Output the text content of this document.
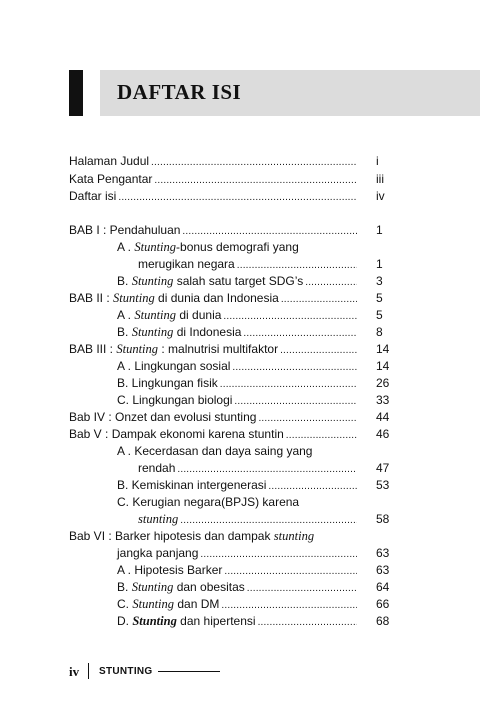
DAFTAR ISI
Halaman Judul .....	i
Kata Pengantar .....	iii
Daftar isi .....	iv
BAB I : Pendahuluan .....	1
A . Stunting-bonus demografi yang
merugikan negara .....	1
B. Stunting salah satu target SDG’s .....	3
BAB II : Stunting di dunia dan Indonesia .....	5
A . Stunting di dunia .....	5
B. Stunting di Indonesia .....	8
BAB III : Stunting : malnutrisi multifaktor .....	14
A . Lingkungan sosial .....	14
B. Lingkungan fisik .....	26
C. Lingkungan biologi .....	33
Bab IV : Onzet dan evolusi stunting .....	44
Bab V : Dampak ekonomi karena stuntin .....	46
A . Kecerdasan dan daya saing yang
rendah .....	47
B. Kemiskinan intergenerasi .....	53
C. Kerugian negara(BPJS) karena
stunting .....	58
Bab VI : Barker hipotesis dan dampak stunting
jangka panjang .....	63
A . Hipotesis Barker .....	63
B. Stunting dan obesitas .....	64
C. Stunting dan DM .....	66
D. Stunting dan hipertensi .....	68
iv STUNTING
